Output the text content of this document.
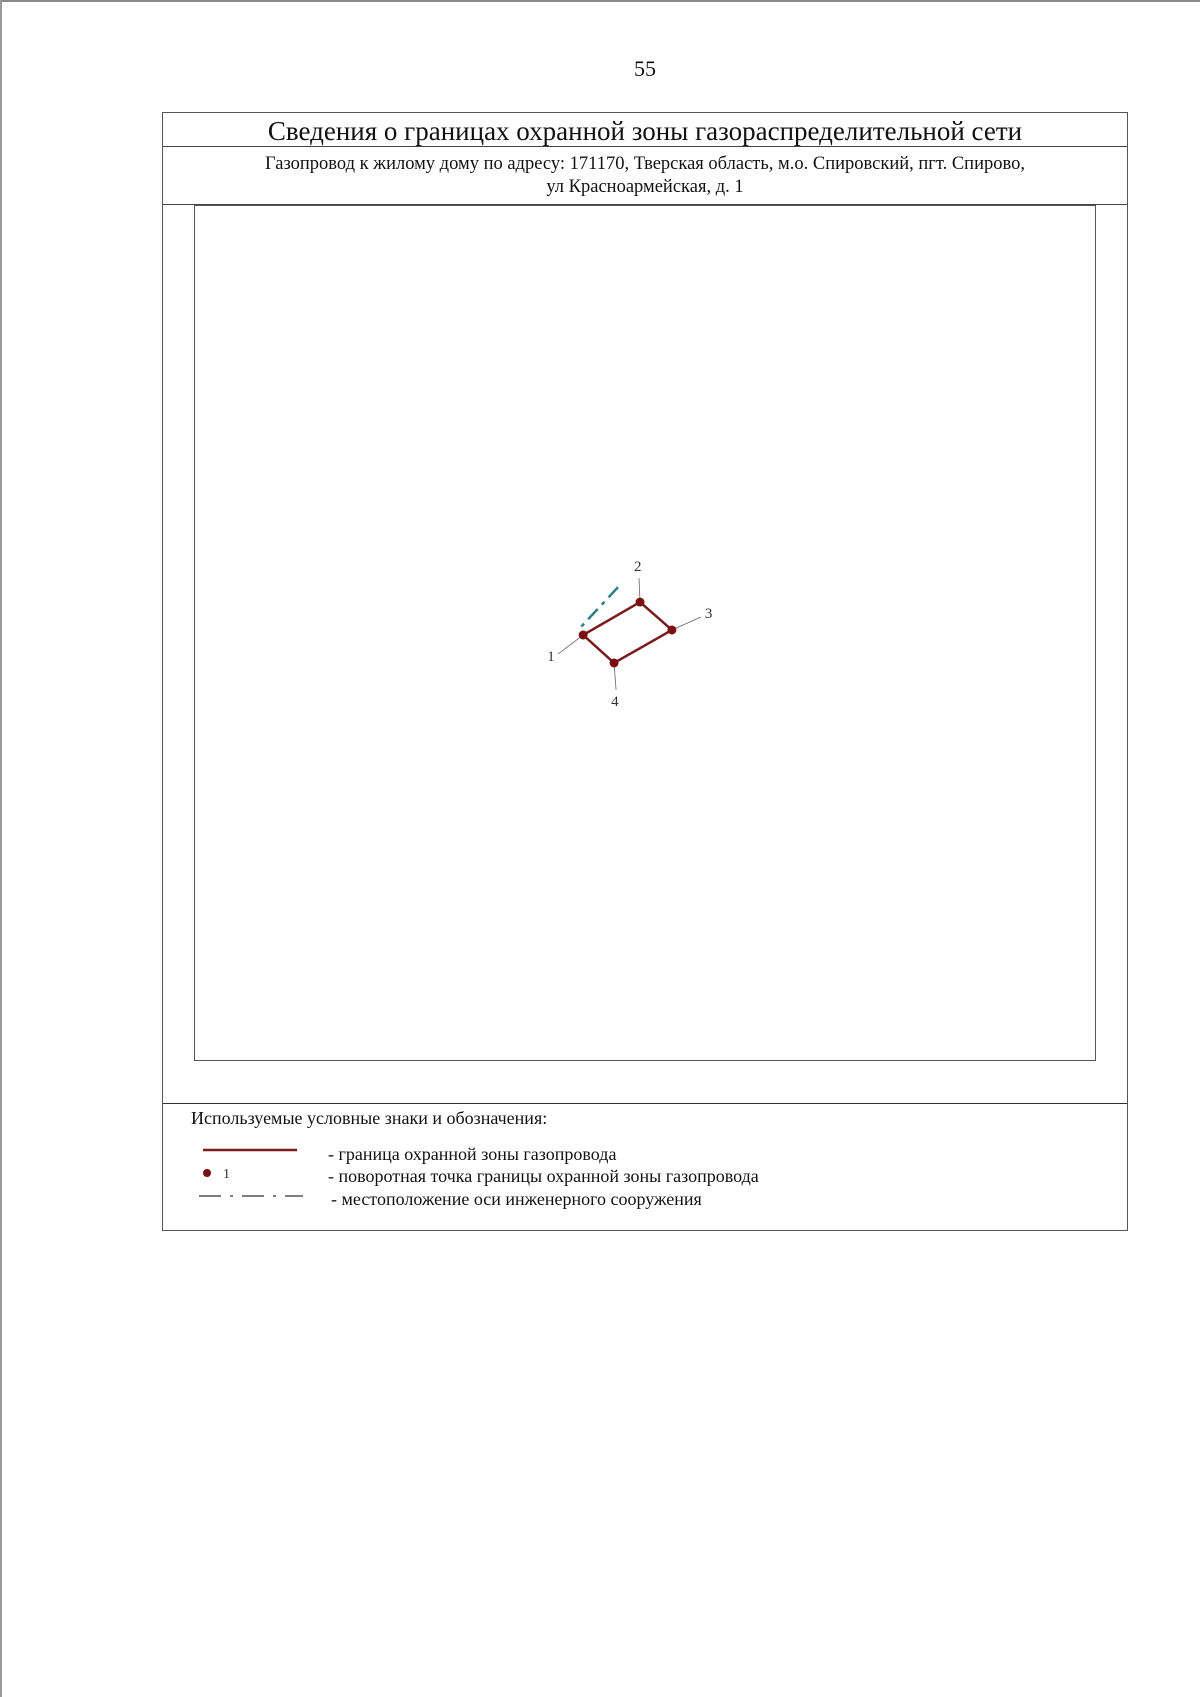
55
Сведения о границах охранной зоны газораспределительной сети
Газопровод к жилому дому по адресу: 171170, Тверская область, м.о. Спировский, пгт. Спирово,
ул Красноармейская, д. 1
1
2
3
4
Используемые условные знаки и обозначения:
- граница охранной зоны газопровода
1	- поворотная точка границы охранной зоны газопровода
- местоположение оси инженерного сооружения
